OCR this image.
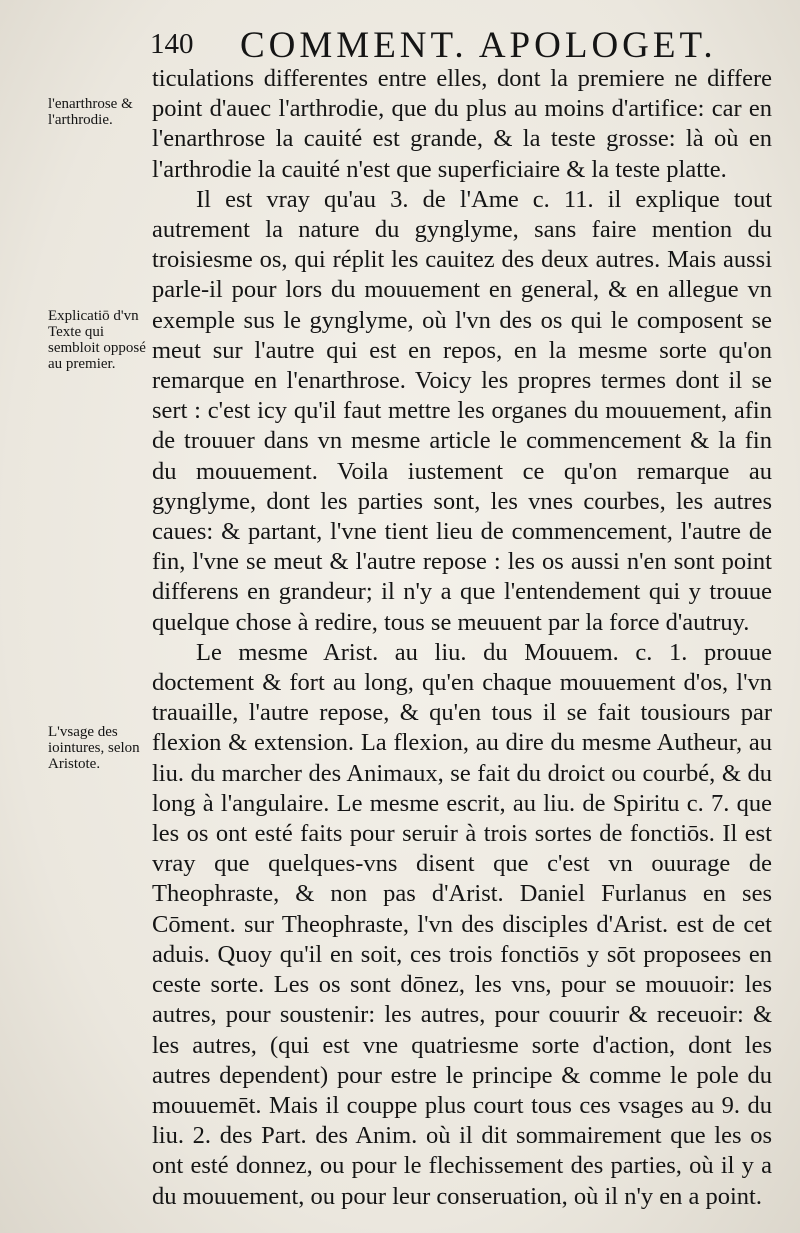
140 COMMENT. APOLOGET.
l'enarthrose & l'arthrodie.
Explicatiō d'vn Texte qui sembloit opposé au premier.
L'vsage des iointures, selon Aristote.

ticulations differentes entre elles, dont la premiere ne differe point d'auec l'arthrodie, que du plus au moins d'artifice: car en l'enarthrose la cauité est grande, & la teste grosse: là où en l'arthrodie la cauité n'est que superficiaire & la teste platte.

Il est vray qu'au 3. de l'Ame c. 11. il explique tout autrement la nature du gynglyme, sans faire mention du troisiesme os, qui réplit les cauitez des deux autres. Mais aussi parle-il pour lors du mouuement en general, & en allegue vn exemple sus le gynglyme, où l'vn des os qui le composent se meut sur l'autre qui est en repos, en la mesme sorte qu'on remarque en l'enarthrose. Voicy les propres termes dont il se sert : c'est icy qu'il faut mettre les organes du mouuement, afin de trouuer dans vn mesme article le commencement & la fin du mouuement. Voila iustement ce qu'on remarque au gynglyme, dont les parties sont, les vnes courbes, les autres caues: & partant, l'vne tient lieu de commencement, l'autre de fin, l'vne se meut & l'autre repose : les os aussi n'en sont point differens en grandeur; il n'y a que l'entendement qui y trouue quelque chose à redire, tous se meuuent par la force d'autruy.

Le mesme Arist. au liu. du Mouuem. c. 1. prouue doctement & fort au long, qu'en chaque mouuement d'os, l'vn trauaille, l'autre repose, & qu'en tous il se fait tousiours par flexion & extension. La flexion, au dire du mesme Autheur, au liu. du marcher des Animaux, se fait du droict ou courbé, & du long à l'angulaire. Le mesme escrit, au liu. de Spiritu c. 7. que les os ont esté faits pour seruir à trois sortes de fonctiōs. Il est vray que quelques-vns disent que c'est vn ouurage de Theophraste, & non pas d'Arist. Daniel Furlanus en ses Cōment. sur Theophraste, l'vn des disciples d'Arist. est de cet aduis. Quoy qu'il en soit, ces trois fonctiōs y sōt proposees en ceste sorte. Les os sont dōnez, les vns, pour se mouuoir: les autres, pour soustenir: les autres, pour couurir & receuoir: & les autres, (qui est vne quatriesme sorte d'action, dont les autres dependent) pour estre le principe & comme le pole du mouuemēt. Mais il couppe plus court tous ces vsages au 9. du liu. 2. des Part. des Anim. où il dit sommairement que les os ont esté donnez, ou pour le flechissement des parties, où il y a du mouuement, ou pour leur conseruation, où il n'y en a point.
